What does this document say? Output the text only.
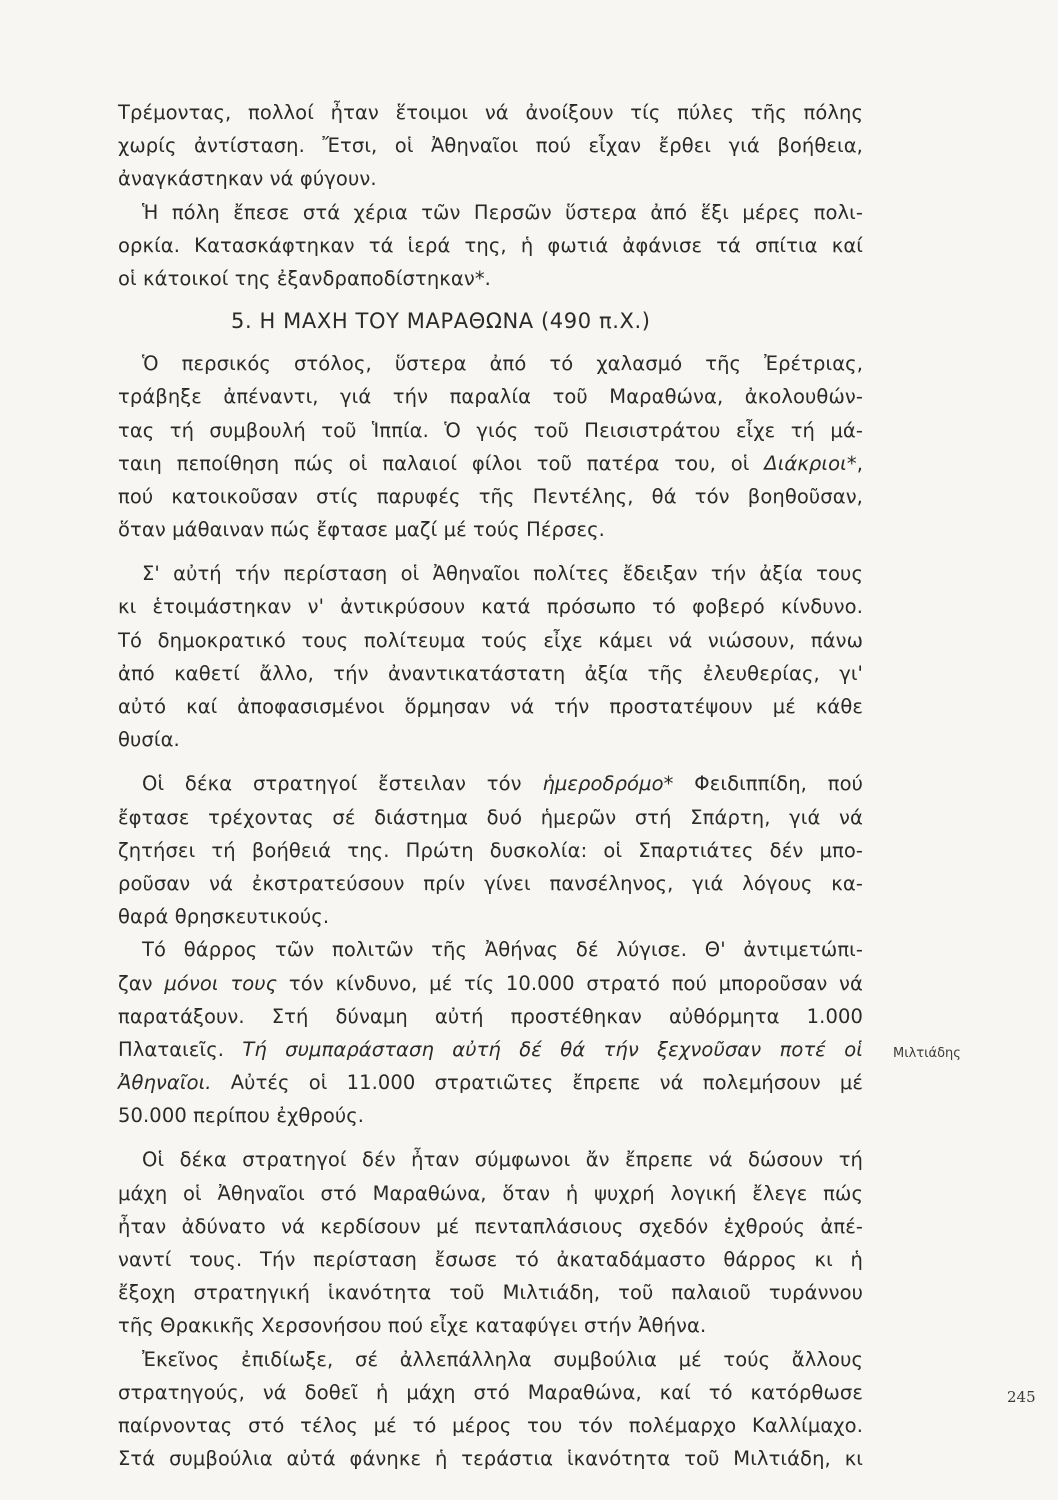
Τρέμοντας, πολλοί ἦταν ἕτοιμοι νά ἀνοίξουν τίς πύλες τῆς πόλης
χωρίς ἀντίσταση. Ἔτσι, οἱ Ἀθηναῖοι πού εἶχαν ἔρθει γιά βοήθεια,
ἀναγκάστηκαν νά φύγουν.
Ἡ πόλη ἔπεσε στά χέρια τῶν Περσῶν ὕστερα ἀπό ἕξι μέρες πολι-
ορκία. Κατασκάφτηκαν τά ἱερά της, ἡ φωτιά ἀφάνισε τά σπίτια καί
οἱ κάτοικοί της ἐξανδραποδίστηκαν*.
5. Η ΜΑΧΗ ΤΟΥ ΜΑΡΑΘΩΝΑ (490 π.Χ.)
Ὁ περσικός στόλος, ὕστερα ἀπό τό χαλασμό τῆς Ἐρέτριας,
τράβηξε ἀπέναντι, γιά τήν παραλία τοῦ Μαραθώνα, ἀκολουθών-
τας τή συμβουλή τοῦ Ἱππία. Ὁ γιός τοῦ Πεισιστράτου εἶχε τή μά-
ταιη πεποίθηση πώς οἱ παλαιοί φίλοι τοῦ πατέρα του, οἱ Διάκριοι*,
πού κατοικοῦσαν στίς παρυφές τῆς Πεντέλης, θά τόν βοηθοῦσαν,
ὅταν μάθαιναν πώς ἔφτασε μαζί μέ τούς Πέρσες.
Σ' αὐτή τήν περίσταση οἱ Ἀθηναῖοι πολίτες ἔδειξαν τήν ἀξία τους
κι ἑτοιμάστηκαν ν' ἀντικρύσουν κατά πρόσωπο τό φοβερό κίνδυνο.
Τό δημοκρατικό τους πολίτευμα τούς εἶχε κάμει νά νιώσουν, πάνω
ἀπό καθετί ἄλλο, τήν ἀναντικατάστατη ἀξία τῆς ἐλευθερίας, γι'
αὐτό καί ἀποφασισμένοι ὅρμησαν νά τήν προστατέψουν μέ κάθε
θυσία.
Οἱ δέκα στρατηγοί ἔστειλαν τόν ἡμεροδρόμο* Φειδιππίδη, πού
ἔφτασε τρέχοντας σέ διάστημα δυό ἡμερῶν στή Σπάρτη, γιά νά
ζητήσει τή βοήθειά της. Πρώτη δυσκολία: οἱ Σπαρτιάτες δέν μπο-
ροῦσαν νά ἐκστρατεύσουν πρίν γίνει πανσέληνος, γιά λόγους κα-
θαρά θρησκευτικούς.
Τό θάρρος τῶν πολιτῶν τῆς Ἀθήνας δέ λύγισε. Θ' ἀντιμετώπι-
ζαν μόνοι τους τόν κίνδυνο, μέ τίς 10.000 στρατό πού μποροῦσαν νά
παρατάξουν. Στή δύναμη αὐτή προστέθηκαν αὐθόρμητα 1.000
Πλαταιεῖς. Τή συμπαράσταση αὐτή δέ θά τήν ξεχνοῦσαν ποτέ οἱ
Ἀθηναῖοι. Αὐτές οἱ 11.000 στρατιῶτες ἔπρεπε νά πολεμήσουν μέ
50.000 περίπου ἐχθρούς.
Οἱ δέκα στρατηγοί δέν ἦταν σύμφωνοι ἄν ἔπρεπε νά δώσουν τή
μάχη οἱ Ἀθηναῖοι στό Μαραθώνα, ὅταν ἡ ψυχρή λογική ἔλεγε πώς
ἦταν ἀδύνατο νά κερδίσουν μέ πενταπλάσιους σχεδόν ἐχθρούς ἀπέ-
ναντί τους. Τήν περίσταση ἔσωσε τό ἀκαταδάμαστο θάρρος κι ἡ
ἔξοχη στρατηγική ἱκανότητα τοῦ Μιλτιάδη, τοῦ παλαιοῦ τυράννου
τῆς Θρακικῆς Χερσονήσου πού εἶχε καταφύγει στήν Ἀθήνα.
Ἐκεῖνος ἐπιδίωξε, σέ ἀλλεπάλληλα συμβούλια μέ τούς ἄλλους
στρατηγούς, νά δοθεῖ ἡ μάχη στό Μαραθώνα, καί τό κατόρθωσε
παίρνοντας στό τέλος μέ τό μέρος του τόν πολέμαρχο Καλλίμαχο.
Στά συμβούλια αὐτά φάνηκε ἡ τεράστια ἱκανότητα τοῦ Μιλτιάδη, κι
Μιλτιάδης
245
